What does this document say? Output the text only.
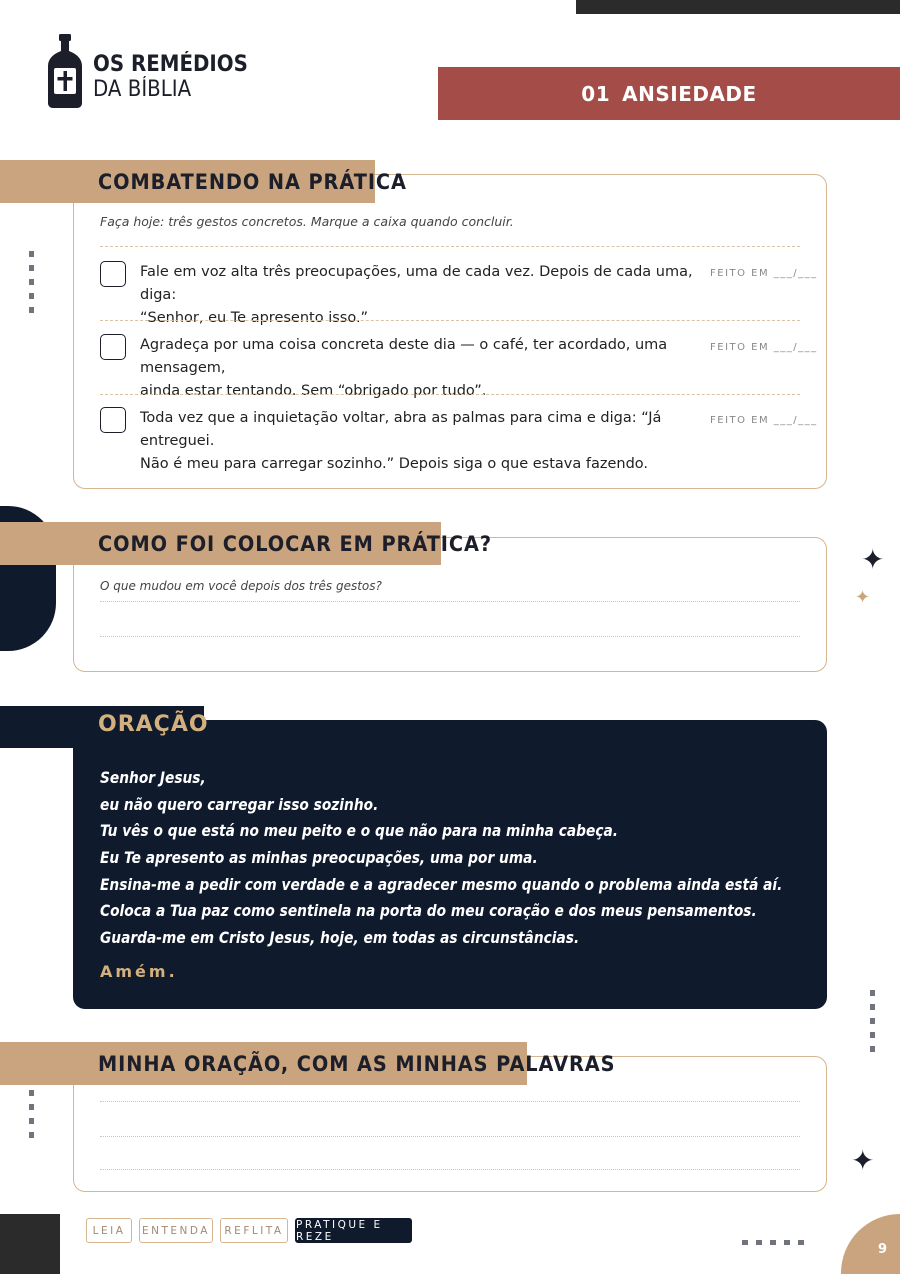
OS REMÉDIOS
DA BÍBLIA	01 ANSIEDADE
COMBATENDO NA PRÁTICA
Faça hoje: três gestos concretos. Marque a caixa quando concluir.
Fale em voz alta três preocupações, uma de cada vez. Depois de cada uma, diga:
“Senhor, eu Te apresento isso.”
FEITO EM ___/___
Agradeça por uma coisa concreta deste dia — o café, ter acordado, uma mensagem,
ainda estar tentando. Sem “obrigado por tudo”.
FEITO EM ___/___
Toda vez que a inquietação voltar, abra as palmas para cima e diga: “Já entreguei.
Não é meu para carregar sozinho.” Depois siga o que estava fazendo.
FEITO EM ___/___
COMO FOI COLOCAR EM PRÁTICA?
O que mudou em você depois dos três gestos?
✦
✦
ORAÇÃO
Senhor Jesus,
eu não quero carregar isso sozinho.
Tu vês o que está no meu peito e o que não para na minha cabeça.
Eu Te apresento as minhas preocupações, uma por uma.
Ensina-me a pedir com verdade e a agradecer mesmo quando o problema ainda está aí.
Coloca a Tua paz como sentinela na porta do meu coração e dos meus pensamentos.
Guarda-me em Cristo Jesus, hoje, em todas as circunstâncias.
Amém.
MINHA ORAÇÃO, COM AS MINHAS PALAVRAS
✦
LEIA	ENTENDA	REFLITA	PRATIQUE E REZE
9
